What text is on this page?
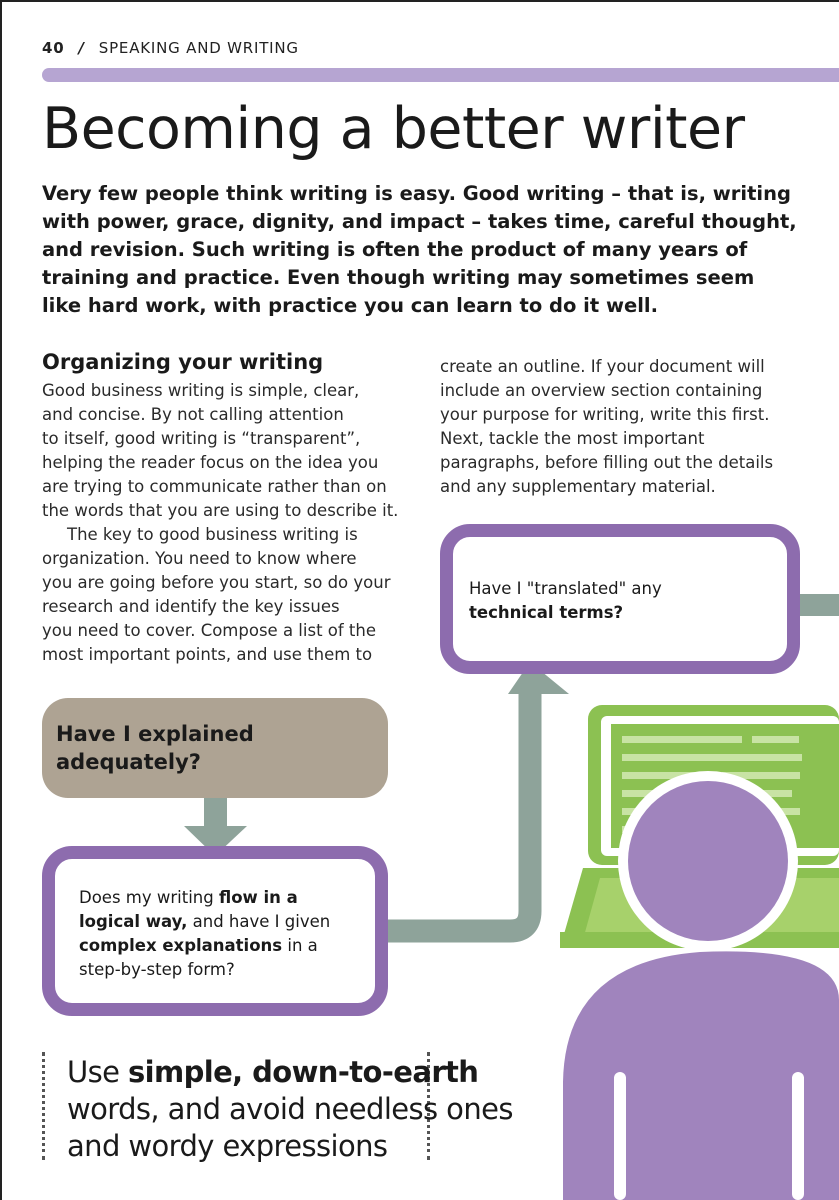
40 / SPEAKING AND WRITING
Becoming a better writer

Very few people think writing is easy. Good writing – that is, writing
with power, grace, dignity, and impact – takes time, careful thought,
and revision. Such writing is often the product of many years of
training and practice. Even though writing may sometimes seem
like hard work, with practice you can learn to do it well.

Organizing your writing
Good business writing is simple, clear,
and concise. By not calling attention
to itself, good writing is “transparent”,
helping the reader focus on the idea you
are trying to communicate rather than on
the words that you are using to describe it.
The key to good business writing is
organization. You need to know where
you are going before you start, so do your
research and identify the key issues
you need to cover. Compose a list of the
most important points, and use them to
create an outline. If your document will
include an overview section containing
your purpose for writing, write this first.
Next, tackle the most important
paragraphs, before filling out the details
and any supplementary material.
Have I explained
adequately?
Does my writing flow in a
logical way, and have I given
complex explanations in a
step-by-step form?
Have I "translated" any
technical terms?
Use simple, down-to-earth
words, and avoid needless ones
and wordy expressions
